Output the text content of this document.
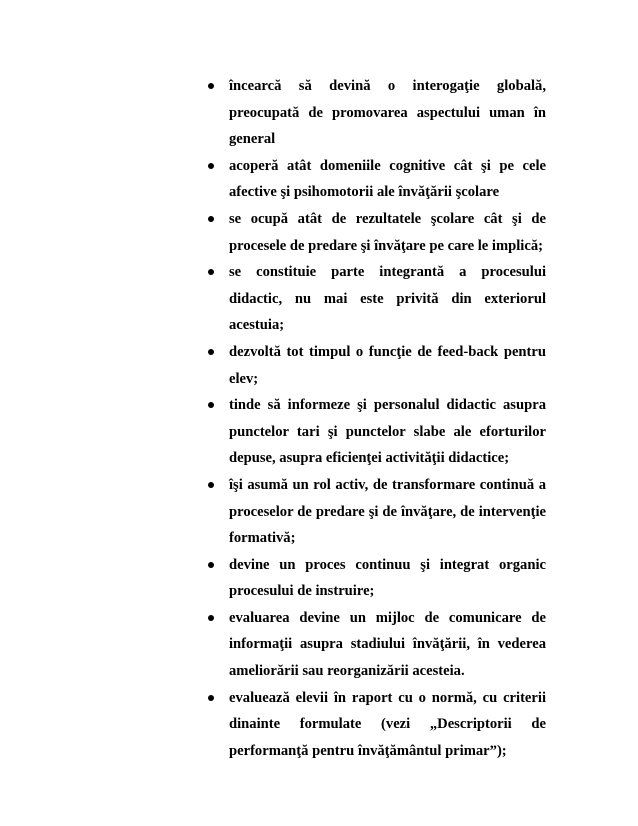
încearcă să devină o interogaţie globală, preocupată de promovarea aspectului uman în general
acoperă atât domeniile cognitive cât şi pe cele afective şi psihomotorii ale învăţării şcolare
se ocupă atât de rezultatele şcolare cât şi de procesele de predare şi învăţare pe care le implică;
se constituie parte integrantă a procesului didactic, nu mai este privită din exteriorul acestuia;
dezvoltă tot timpul o funcţie de feed-back pentru elev;
tinde să informeze şi personalul didactic asupra punctelor tari şi punctelor slabe ale eforturilor depuse, asupra eficienţei activităţii didactice;
îşi asumă un rol activ, de transformare continuă a proceselor de predare şi de învăţare, de intervenţie formativă;
devine un proces continuu şi integrat organic procesului de instruire;
evaluarea devine un mijloc de comunicare de informaţii asupra stadiului învăţării, în vederea ameliorării sau reorganizării acesteia.
evaluează elevii în raport cu o normă, cu criterii dinainte formulate (vezi „Descriptorii de performanţă pentru învăţământul primar”);
